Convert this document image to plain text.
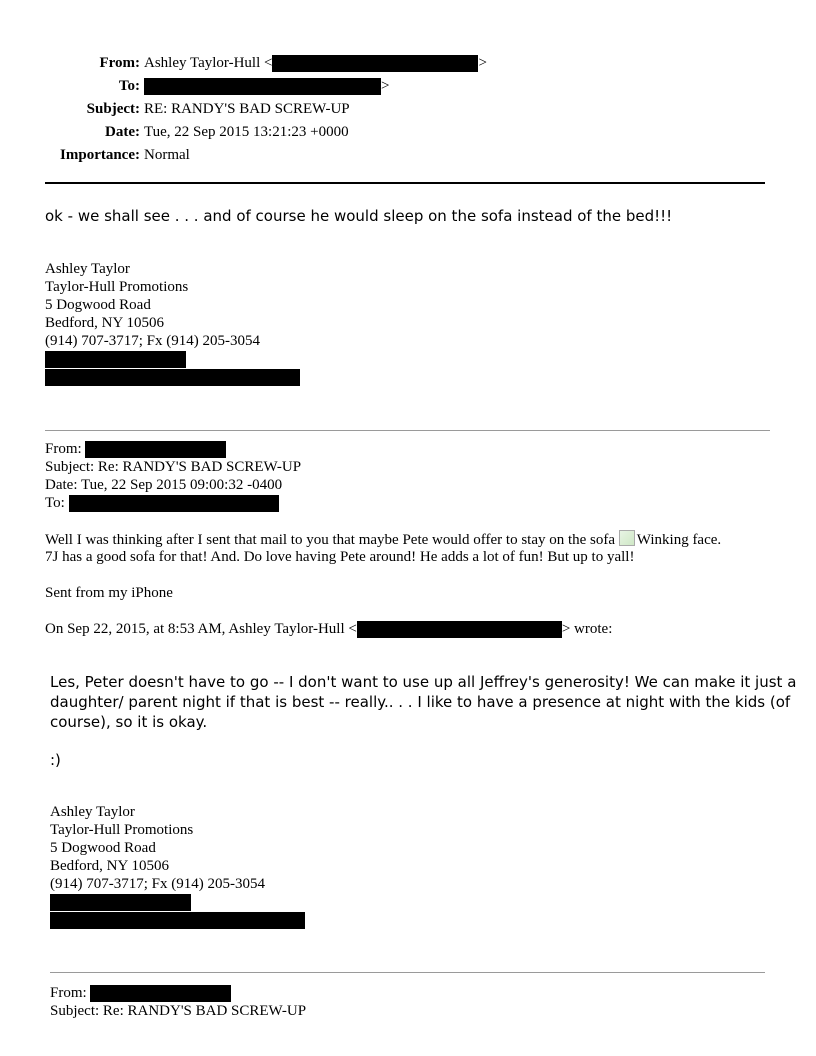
From: Ashley Taylor-Hull <	>
To:	>
Subject: RE: RANDY'S BAD SCREW-UP
Date: Tue, 22 Sep 2015 13:21:23 +0000
Importance: Normal
ok - we shall see . . . and of course he would sleep on the sofa instead of the bed!!!
Ashley Taylor
Taylor-Hull Promotions
5 Dogwood Road
Bedford, NY 10506
(914) 707-3717; Fx (914) 205-3054
From:
Subject: Re: RANDY'S BAD SCREW-UP
Date: Tue, 22 Sep 2015 09:00:32 -0400
To:
Well I was thinking after I sent that mail to you that maybe Pete would offer to stay on the sofa Winking face.
7J has a good sofa for that! And. Do love having Pete around! He adds a lot of fun! But up to yall!
Sent from my iPhone
On Sep 22, 2015, at 8:53 AM, Ashley Taylor-Hull <	> wrote:
Les, Peter doesn't have to go -- I don't want to use up all Jeffrey's generosity! We can make it just a
daughter/ parent night if that is best -- really.. . . I like to have a presence at night with the kids (of
course), so it is okay.
:)
Ashley Taylor
Taylor-Hull Promotions
5 Dogwood Road
Bedford, NY 10506
(914) 707-3717; Fx (914) 205-3054
From:
Subject: Re: RANDY'S BAD SCREW-UP
